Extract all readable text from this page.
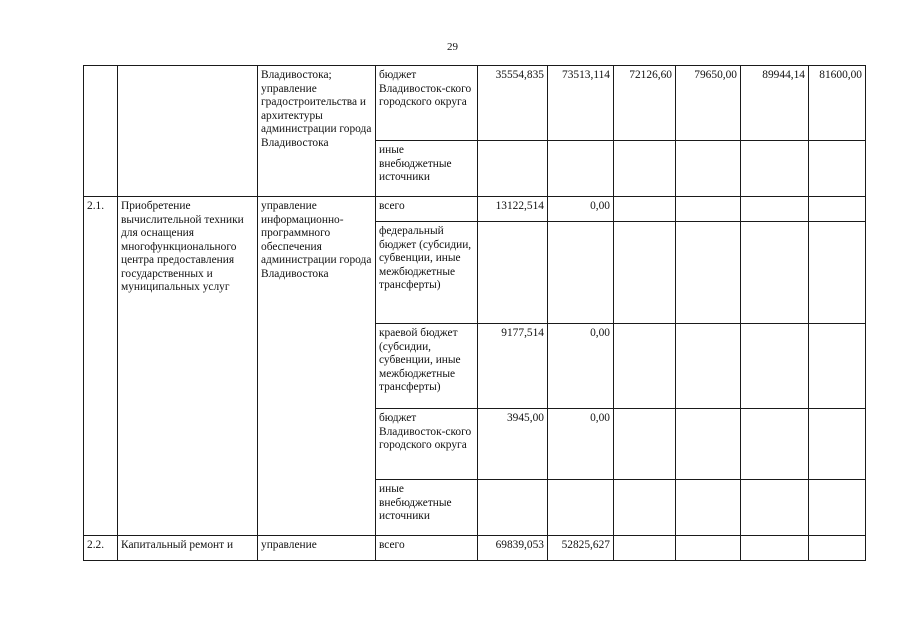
29
		Владивостока; управление градостроительства и архитектуры администрации города Владивостока	бюджет Владивосток-ского городского округа	35554,835	73513,114	72126,60	79650,00	89944,14	81600,00
			иные внебюджетные источники						
2.1.	Приобретение вычислительной техники для оснащения многофункционального центра предоставления государственных и муниципальных услуг	управление информационно-программного обеспечения администрации города Владивостока	всего	13122,514	0,00				
			федеральный бюджет (субсидии, субвенции, иные межбюджетные трансферты)						
			краевой бюджет (субсидии, субвенции, иные межбюджетные трансферты)	9177,514	0,00				
			бюджет Владивосток-ского городского округа	3945,00	0,00				
			иные внебюджетные источники						
2.2.	Капитальный ремонт и	управление	всего	69839,053	52825,627				
